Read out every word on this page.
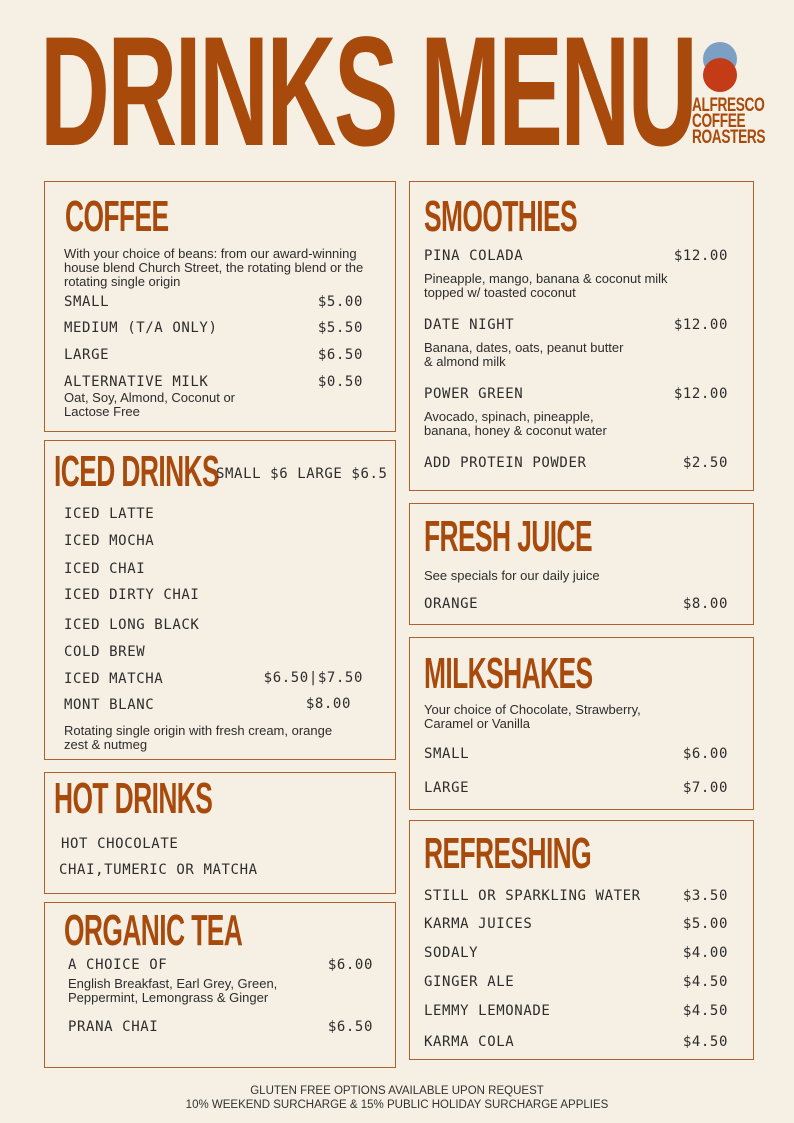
DRINKS MENU
ALFRESCO
COFFEE
ROASTERS
COFFEE
With your choice of beans: from our award-winning house blend Church Street, the rotating blend or the rotating single origin
SMALL	$5.00
MEDIUM (T/A ONLY)	$5.50
LARGE	$6.50
ALTERNATIVE MILK	$0.50
Oat, Soy, Almond, Coconut or Lactose Free
ICED DRINKS
SMALL $6 LARGE $6.5
ICED LATTE
ICED MOCHA
ICED CHAI
ICED DIRTY CHAI
ICED LONG BLACK
COLD BREW
ICED MATCHA	$6.50|$7.50
MONT BLANC	$8.00
Rotating single origin with fresh cream, orange zest & nutmeg
HOT DRINKS
HOT CHOCOLATE
CHAI,TUMERIC OR MATCHA
ORGANIC TEA
A CHOICE OF	$6.00
English Breakfast, Earl Grey, Green, Peppermint, Lemongrass & Ginger
PRANA CHAI	$6.50
SMOOTHIES
PINA COLADA	$12.00
Pineapple, mango, banana & coconut milk topped w/ toasted coconut
DATE NIGHT	$12.00
Banana, dates, oats, peanut butter & almond milk
POWER GREEN	$12.00
Avocado, spinach, pineapple, banana, honey & coconut water
ADD PROTEIN POWDER	$2.50
FRESH JUICE
See specials for our daily juice
ORANGE	$8.00
MILKSHAKES
Your choice of Chocolate, Strawberry, Caramel or Vanilla
SMALL	$6.00
LARGE	$7.00
REFRESHING
STILL OR SPARKLING WATER	$3.50
KARMA JUICES	$5.00
SODALY	$4.00
GINGER ALE	$4.50
LEMMY LEMONADE	$4.50
KARMA COLA	$4.50
GLUTEN FREE OPTIONS AVAILABLE UPON REQUEST
10% WEEKEND SURCHARGE & 15% PUBLIC HOLIDAY SURCHARGE APPLIES
